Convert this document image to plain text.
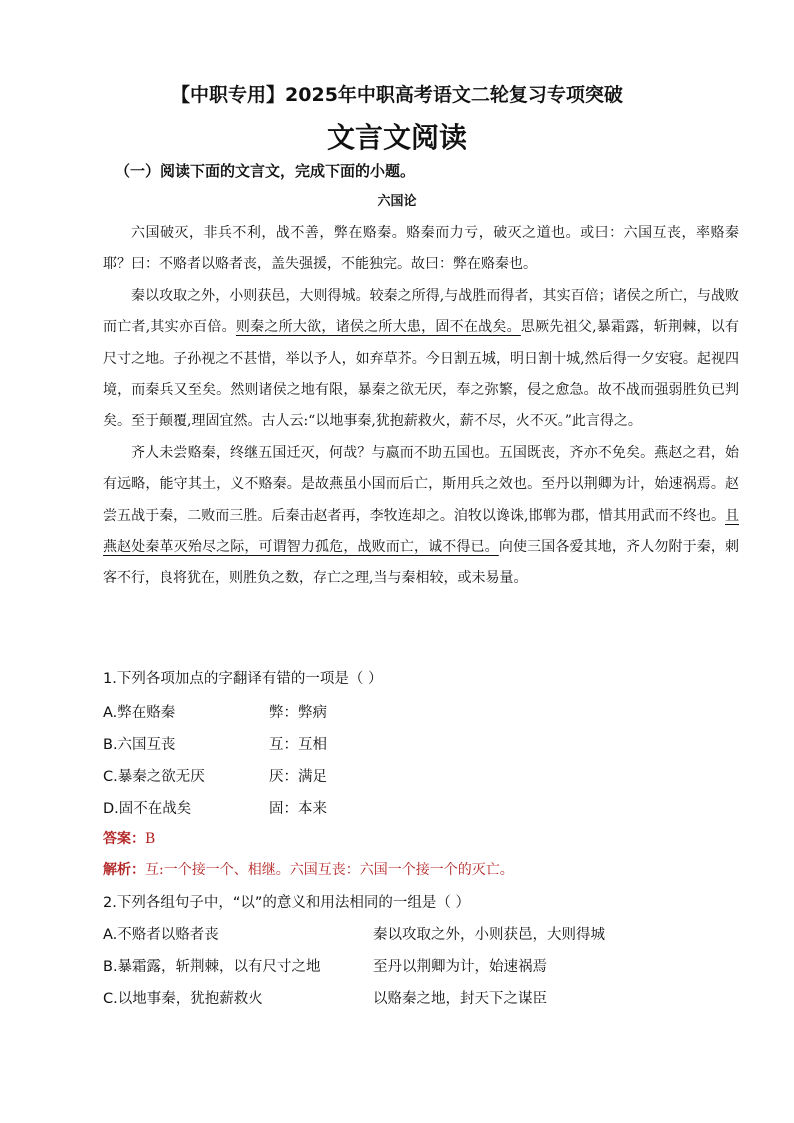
【中职专用】2025年中职高考语文二轮复习专项突破
文言文阅读
（一）阅读下面的文言文，完成下面的小题。
六国论

六国破灭，非兵不利，战不善，弊在赂秦。赂秦而力亏，破灭之道也。或曰：六国互丧，率赂秦耶？曰：不赂者以赂者丧，盖失强援，不能独完。故曰：弊在赂秦也。

秦以攻取之外，小则获邑，大则得城。较秦之所得,与战胜而得者，其实百倍；诸侯之所亡，与战败而亡者,其实亦百倍。则秦之所大欲，诸侯之所大患，固不在战矣。思厥先祖父,暴霜露，斩荆棘，以有尺寸之地。子孙视之不甚惜，举以予人，如弃草芥。今日割五城，明日割十城,然后得一夕安寝。起视四境，而秦兵又至矣。然则诸侯之地有限，暴秦之欲无厌，奉之弥繁，侵之愈急。故不战而强弱胜负已判矣。至于颠覆,理固宜然。古人云:“以地事秦,犹抱薪救火，薪不尽，火不灭。”此言得之。

齐人未尝赂秦，终继五国迁灭，何哉？与嬴而不助五国也。五国既丧，齐亦不免矣。燕赵之君，始有远略，能守其土，义不赂秦。是故燕虽小国而后亡，斯用兵之效也。至丹以荆卿为计，始速祸焉。赵尝五战于秦，二败而三胜。后秦击赵者再，李牧连却之。洎牧以谗诛,邯郸为郡，惜其用武而不终也。且燕赵处秦革灭殆尽之际，可谓智力孤危，战败而亡，诚不得已。向使三国各爱其地，齐人勿附于秦，刺客不行，良将犹在，则胜负之数，存亡之理,当与秦相较，或未易量。

1.下列各项加点的字翻译有错的一项是（ ）
A.弊在赂秦	弊：弊病
B.六国互丧	互：互相
C.暴秦之欲无厌	厌：满足
D.固不在战矣	固：本来
答案：B
解析：互:一个接一个、相继。六国互丧：六国一个接一个的灭亡。
2.下列各组句子中，“以”的意义和用法相同的一组是（ ）
A.不赂者以赂者丧	秦以攻取之外，小则获邑，大则得城
B.暴霜露，斩荆棘，以有尺寸之地	至丹以荆卿为计，始速祸焉
C.以地事秦，犹抱薪救火	以赂秦之地，封天下之谋臣
